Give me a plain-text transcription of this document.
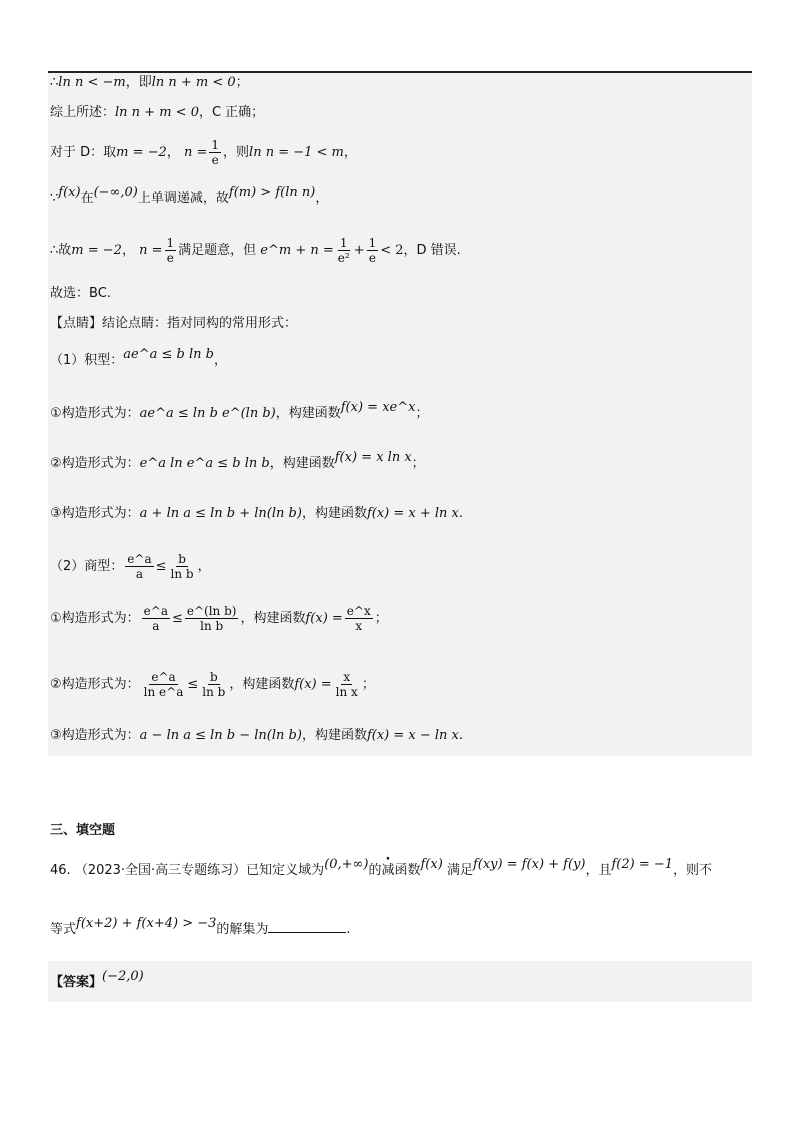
∴ln n < −m，即ln n + m < 0；
综上所述：ln n + m < 0，C 正确；
对于 D：取m = −2， $n = \frac{1}{e}$ ，则ln n = −1 < m，
∵f(x)在(−∞,0)上单调递减，故f(m) > f(ln n)，
∴故m = −2， $n = \frac{1}{e}$ 满足题意，但 e^m + $n = \frac{1}{\text{e²}} + \frac{1}{e} < 2$，D 错误.
故选：BC.
【点睛】结论点睛：指对同构的常用形式：
（1）积型：ae^a ≤ b ln b，
①构造形式为：ae^a ≤ ln b e^(ln b)，构建函数f(x) = xe^x；
②构造形式为：e^a ln e^a ≤ b ln b，构建函数f(x) = x ln x；
③构造形式为：a + ln a ≤ ln b + ln(ln b)，构建函数f(x) = x + ln x.
（2）商型： $\frac{e\^{}a}{a} \le \frac{b}{\text{ln b}}$ ，
①构造形式为： $\frac{e\^{}a}{a} \le \frac{\text{e\textasciicircum{}(ln b)}}{\text{ln b}}$ ，构建函数$f(x) = \frac{e\^{}x}{x}$ ；
②构造形式为： $\frac{e\^{}a}{\text{ln e\textasciicircum{}a}} \le \frac{b}{\text{ln b}}$ ，构建函数$f(x) = \frac{x}{\text{ln x}}$ ；
③构造形式为：a − ln a ≤ ln b − ln(ln b)，构建函数f(x) = x − ln x.
三、填空题
46. （2023·全国·高三专题练习）已知定义域为(0,+∞)的减函数f(x) 满足f(xy) = f(x) + f(y)，且f(2) = −1，则不
等式f(x+2) + f(x+4) > −3的解集为	.
【答案】(−2,0)
